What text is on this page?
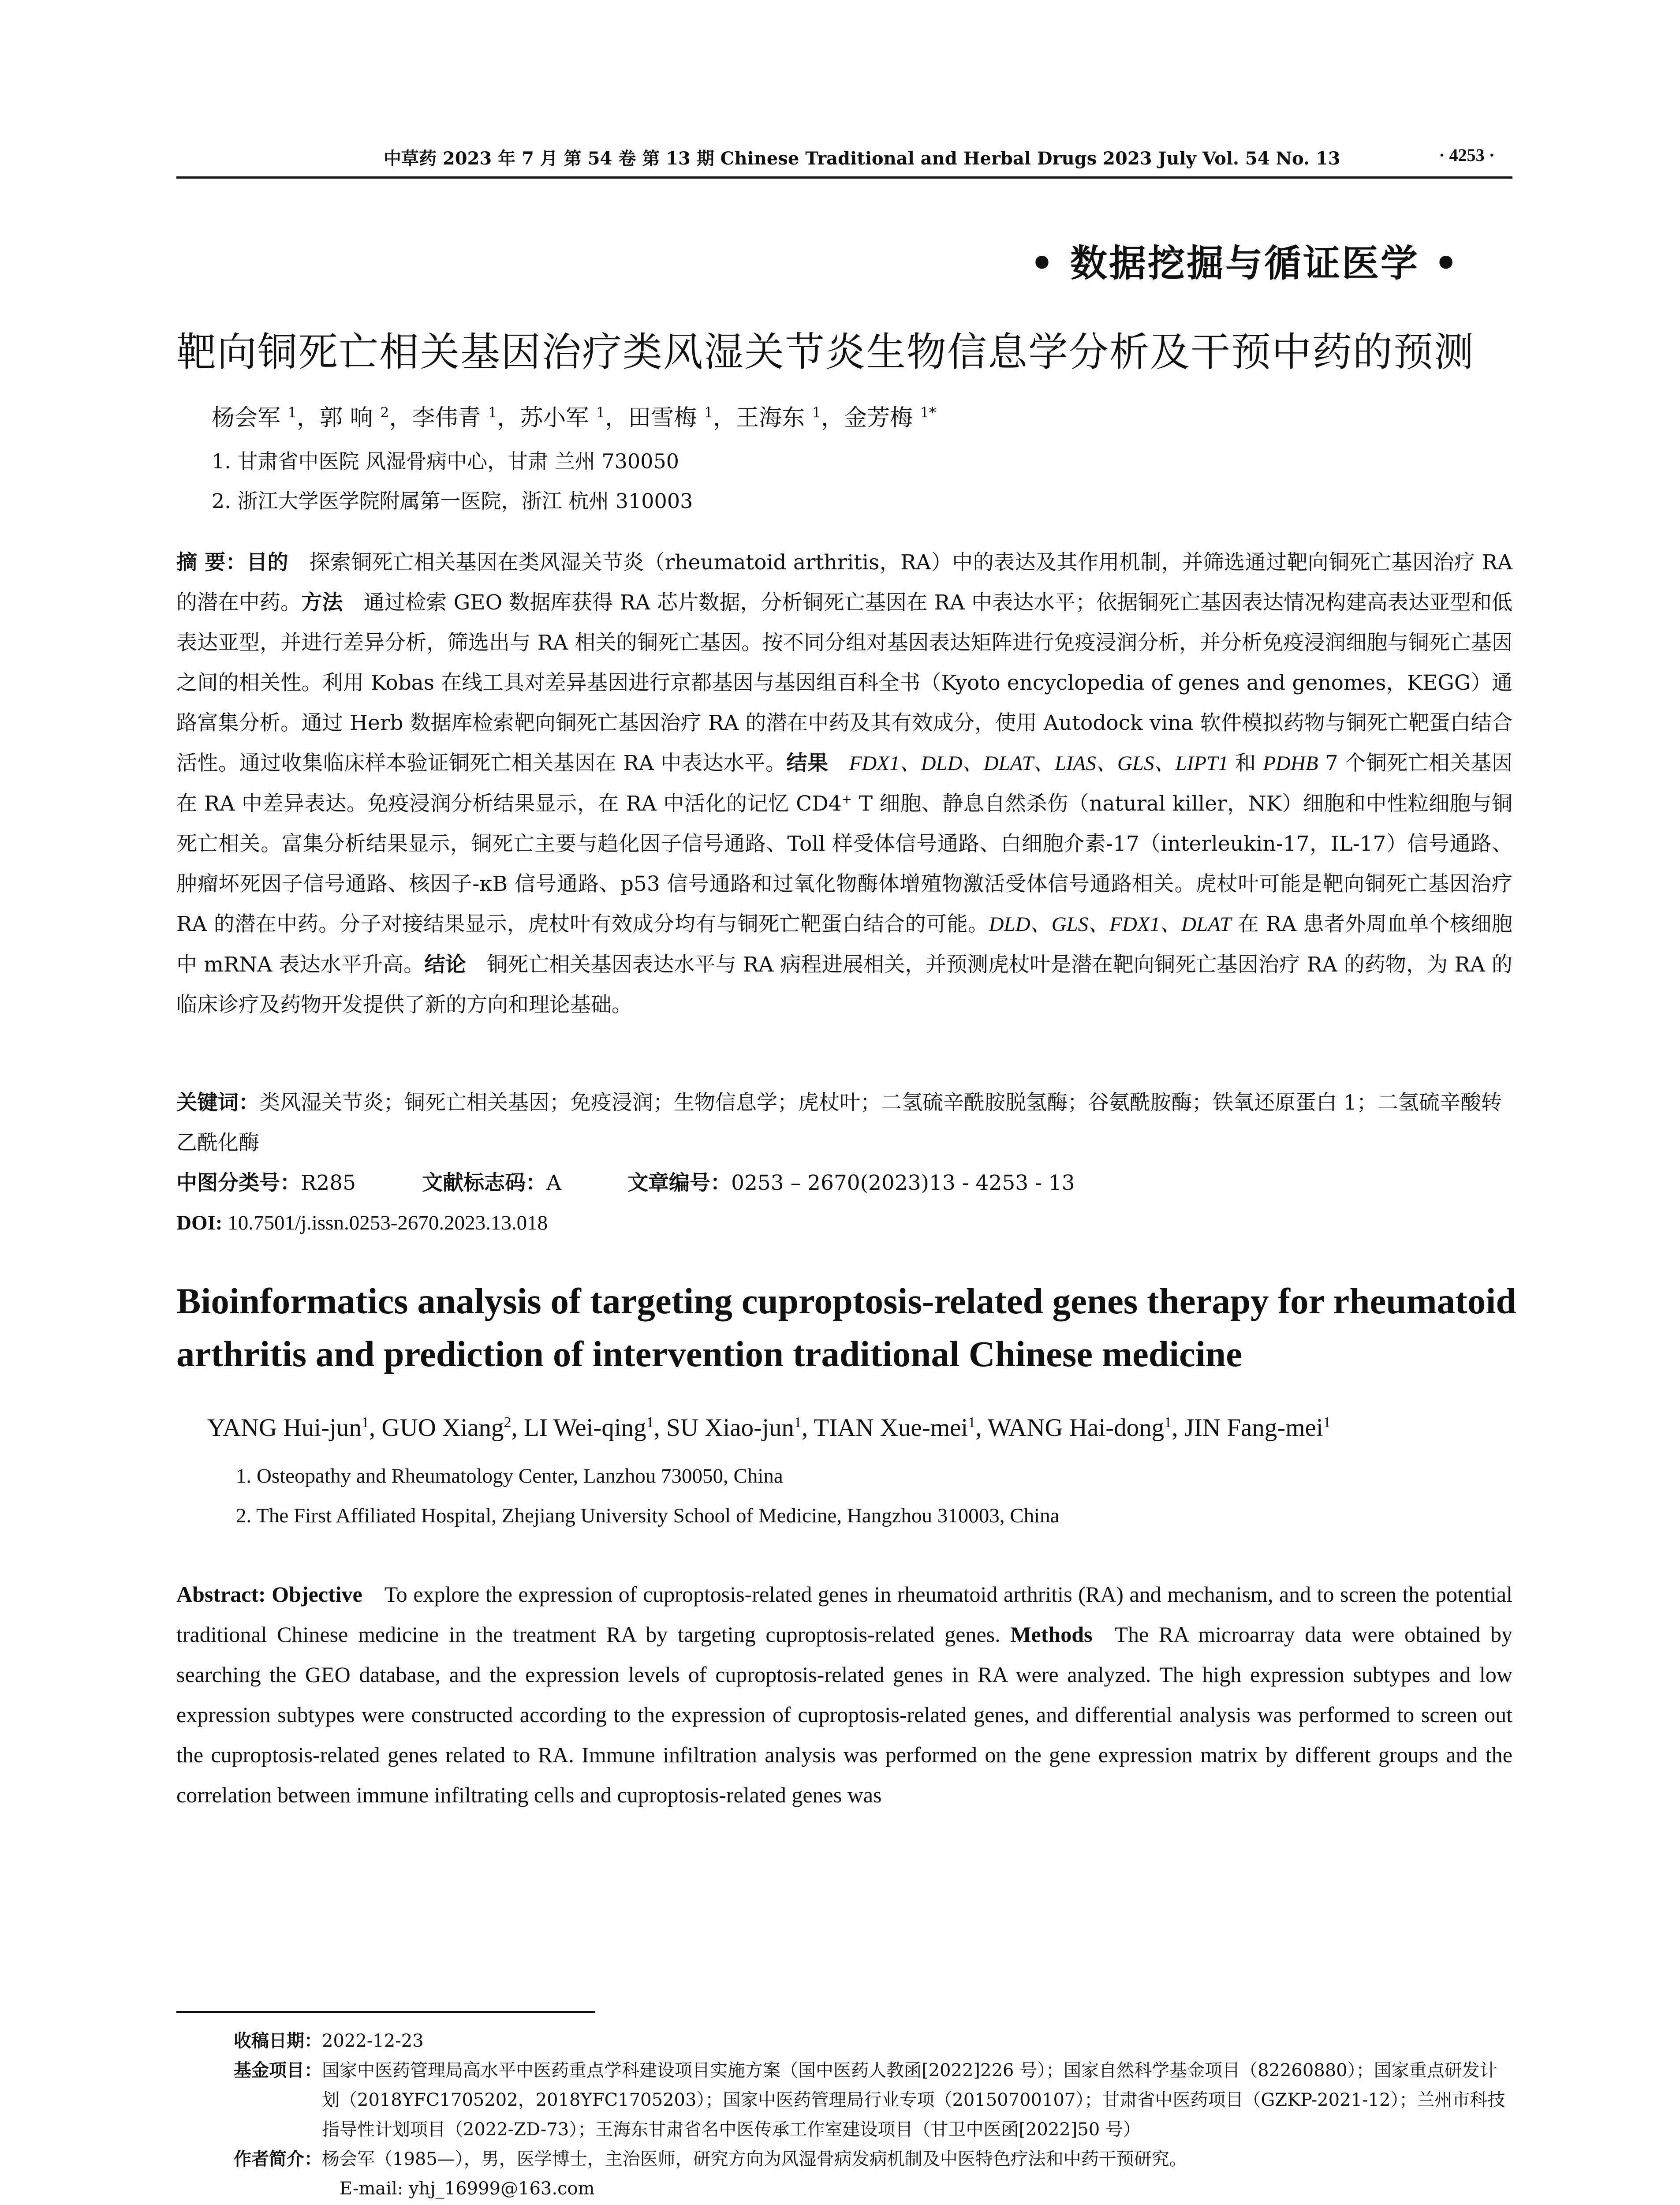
中草药 2023 年 7 月 第 54 卷 第 13 期 Chinese Traditional and Herbal Drugs 2023 July Vol. 54 No. 13	· 4253 ·
• 数据挖掘与循证医学 •
靶向铜死亡相关基因治疗类风湿关节炎生物信息学分析及干预中药的预测
杨会军 $^1$，郭 响 $^2$，李伟青 $^1$，苏小军 $^1$，田雪梅 $^1$，王海东 $^1$，金芳梅 $^{1*}$
1. 甘肃省中医院 风湿骨病中心，甘肃 兰州 730050
2. 浙江大学医学院附属第一医院，浙江 杭州 310003
摘 要：目的  探索铜死亡相关基因在类风湿关节炎（rheumatoid arthritis，RA）中的表达及其作用机制，并筛选通过靶向铜死亡基因治疗 RA 的潜在中药。方法  通过检索 GEO 数据库获得 RA 芯片数据，分析铜死亡基因在 RA 中表达水平；依据铜死亡基因表达情况构建高表达亚型和低表达亚型，并进行差异分析，筛选出与 RA 相关的铜死亡基因。按不同分组对基因表达矩阵进行免疫浸润分析，并分析免疫浸润细胞与铜死亡基因之间的相关性。利用 Kobas 在线工具对差异基因进行京都基因与基因组百科全书（Kyoto encyclopedia of genes and genomes，KEGG）通路富集分析。通过 Herb 数据库检索靶向铜死亡基因治疗 RA 的潜在中药及其有效成分，使用 Autodock vina 软件模拟药物与铜死亡靶蛋白结合活性。通过收集临床样本验证铜死亡相关基因在 RA 中表达水平。结果  FDX1、DLD、DLAT、LIAS、GLS、LIPT1 和 PDHB 7 个铜死亡相关基因在 RA 中差异表达。免疫浸润分析结果显示，在 RA 中活化的记忆 CD4+ T 细胞、静息自然杀伤（natural killer，NK）细胞和中性粒细胞与铜死亡相关。富集分析结果显示，铜死亡主要与趋化因子信号通路、Toll 样受体信号通路、白细胞介素-17（interleukin-17，IL-17）信号通路、肿瘤坏死因子信号通路、核因子-κB 信号通路、p53 信号通路和过氧化物酶体增殖物激活受体信号通路相关。虎杖叶可能是靶向铜死亡基因治疗 RA 的潜在中药。分子对接结果显示，虎杖叶有效成分均有与铜死亡靶蛋白结合的可能。DLD、GLS、FDX1、DLAT 在 RA 患者外周血单个核细胞中 mRNA 表达水平升高。结论  铜死亡相关基因表达水平与 RA 病程进展相关，并预测虎杖叶是潜在靶向铜死亡基因治疗 RA 的药物，为 RA 的临床诊疗及药物开发提供了新的方向和理论基础。
关键词：类风湿关节炎；铜死亡相关基因；免疫浸润；生物信息学；虎杖叶；二氢硫辛酰胺脱氢酶；谷氨酰胺酶；铁氧还原蛋白 1；二氢硫辛酸转乙酰化酶
中图分类号：R285	文献标志码：A	文章编号：0253 – 2670(2023)13 - 4253 - 13
DOI: 10.7501/j.issn.0253-2670.2023.13.018
Bioinformatics analysis of targeting cuproptosis-related genes therapy for rheumatoid arthritis and prediction of intervention traditional Chinese medicine
YANG Hui-jun$^1$, GUO Xiang$^2$, LI Wei-qing$^1$, SU Xiao-jun$^1$, TIAN Xue-mei$^1$, WANG Hai-dong$^1$, JIN Fang-mei$^1$
1. Osteopathy and Rheumatology Center, Lanzhou 730050, China
2. The First Affiliated Hospital, Zhejiang University School of Medicine, Hangzhou 310003, China
Abstract: Objective  To explore the expression of cuproptosis-related genes in rheumatoid arthritis (RA) and mechanism, and to screen the potential traditional Chinese medicine in the treatment RA by targeting cuproptosis-related genes. Methods  The RA microarray data were obtained by searching the GEO database, and the expression levels of cuproptosis-related genes in RA were analyzed. The high expression subtypes and low expression subtypes were constructed according to the expression of cuproptosis-related genes, and differential analysis was performed to screen out the cuproptosis-related genes related to RA. Immune infiltration analysis was performed on the gene expression matrix by different groups and the correlation between immune infiltrating cells and cuproptosis-related genes was
收稿日期： 2022-12-23
基金项目： 国家中医药管理局高水平中医药重点学科建设项目实施方案（国中医药人教函[2022]226 号）；国家自然科学基金项目（82260880）；国家重点研发计划（2018YFC1705202，2018YFC1705203）；国家中医药管理局行业专项（20150700107）；甘肃省中医药项目（GZKP-2021-12）；兰州市科技指导性计划项目（2022-ZD-73）；王海东甘肃省名中医传承工作室建设项目（甘卫中医函[2022]50 号）
作者简介： 杨会军（1985—），男，医学博士，主治医师，研究方向为风湿骨病发病机制及中医特色疗法和中药干预研究。
E-mail: yhj_16999@163.com
